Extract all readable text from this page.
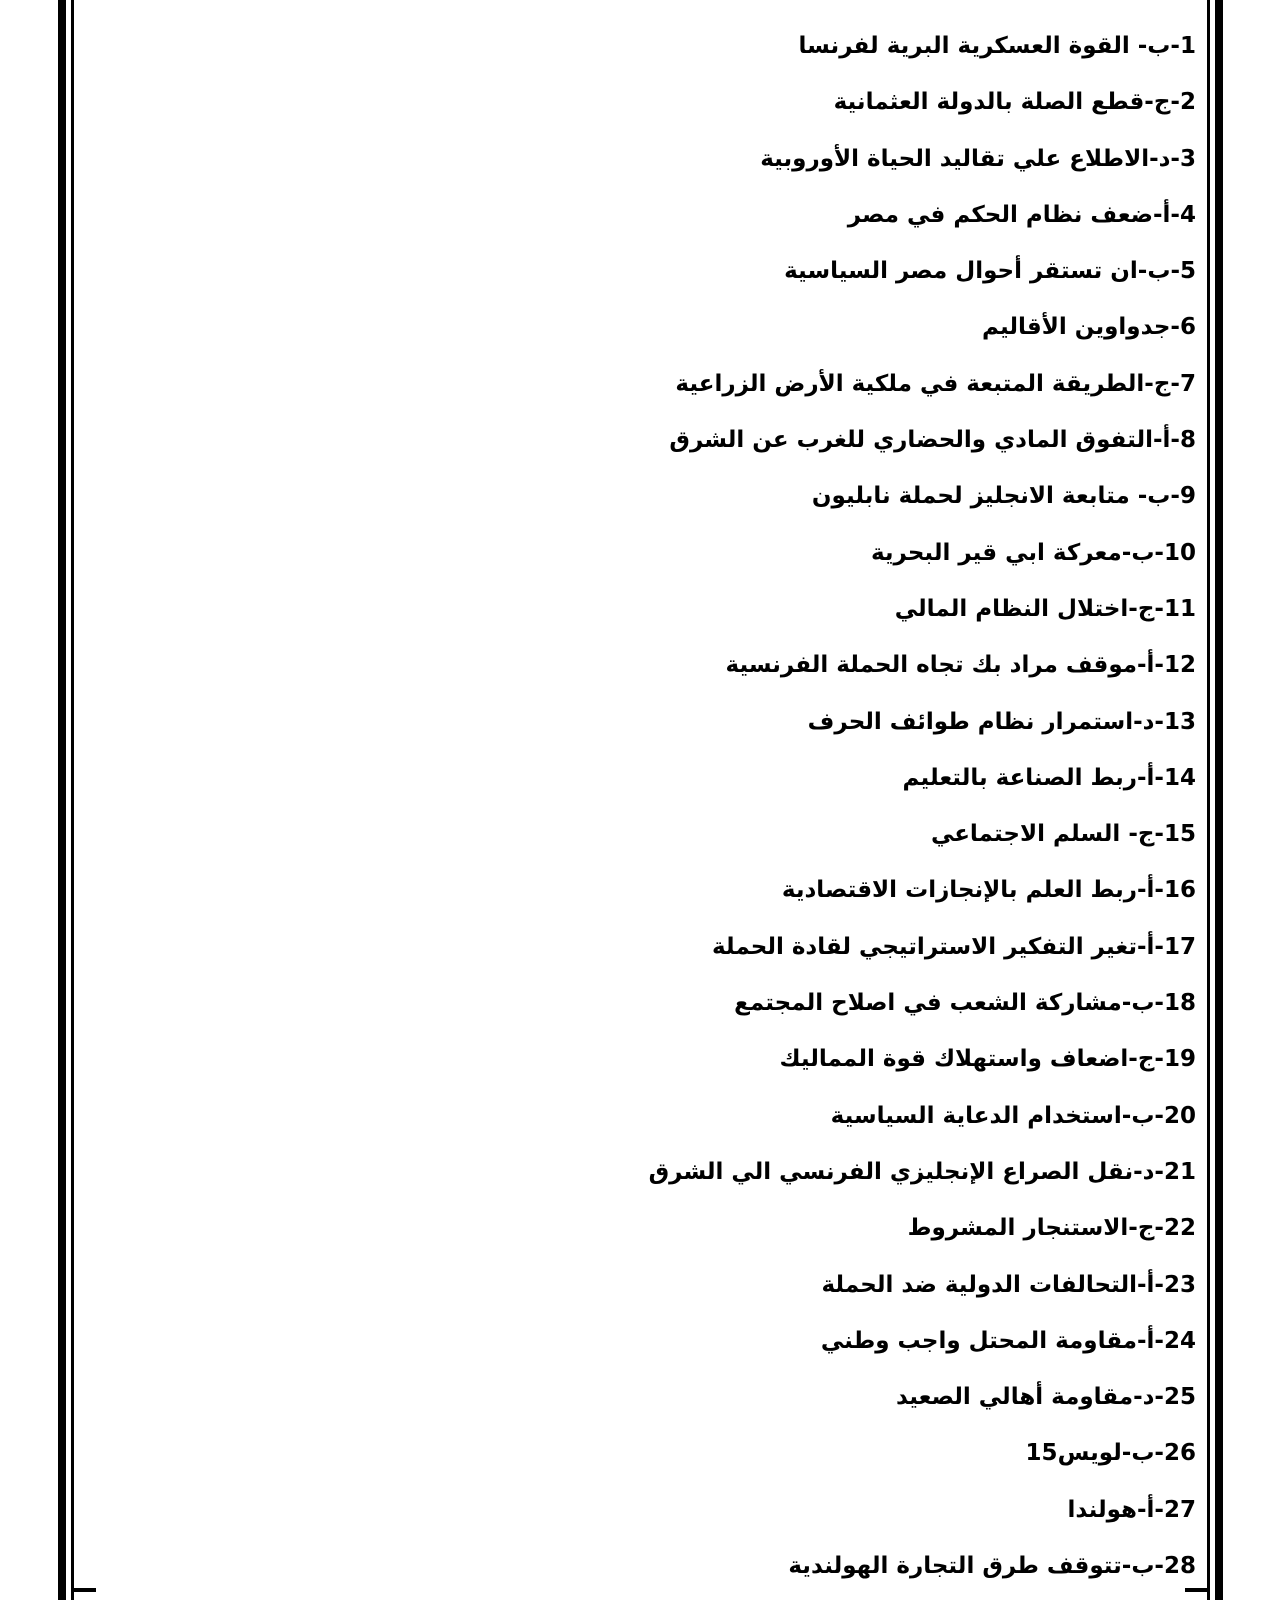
1-ب- القوة العسكرية البرية لفرنسا
2-ج-قطع الصلة بالدولة العثمانية
3-د-الاطلاع علي تقاليد الحياة الأوروبية
4-أ-ضعف نظام الحكم في مصر
5-ب-ان تستقر أحوال مصر السياسية
6-جدواوين الأقاليم
7-ج-الطريقة المتبعة في ملكية الأرض الزراعية
8-أ-التفوق المادي والحضاري للغرب عن الشرق
9-ب- متابعة الانجليز لحملة نابليون
10-ب-معركة ابي قير البحرية
11-ج-اختلال النظام المالي
12-أ-موقف مراد بك تجاه الحملة الفرنسية
13-د-استمرار نظام طوائف الحرف
14-أ-ربط الصناعة بالتعليم
15-ج- السلم الاجتماعي
16-أ-ربط العلم بالإنجازات الاقتصادية
17-أ-تغير التفكير الاستراتيجي لقادة الحملة
18-ب-مشاركة الشعب في اصلاح المجتمع
19-ج-اضعاف واستهلاك قوة المماليك
20-ب-استخدام الدعاية السياسية
21-د-نقل الصراع الإنجليزي الفرنسي الي الشرق
22-ج-الاستنجار المشروط
23-أ-التحالفات الدولية ضد الحملة
24-أ-مقاومة المحتل واجب وطني
25-د-مقاومة أهالي الصعيد
26-ب-لويس15
27-أ-هولندا
28-ب-تتوقف طرق التجارة الهولندية
